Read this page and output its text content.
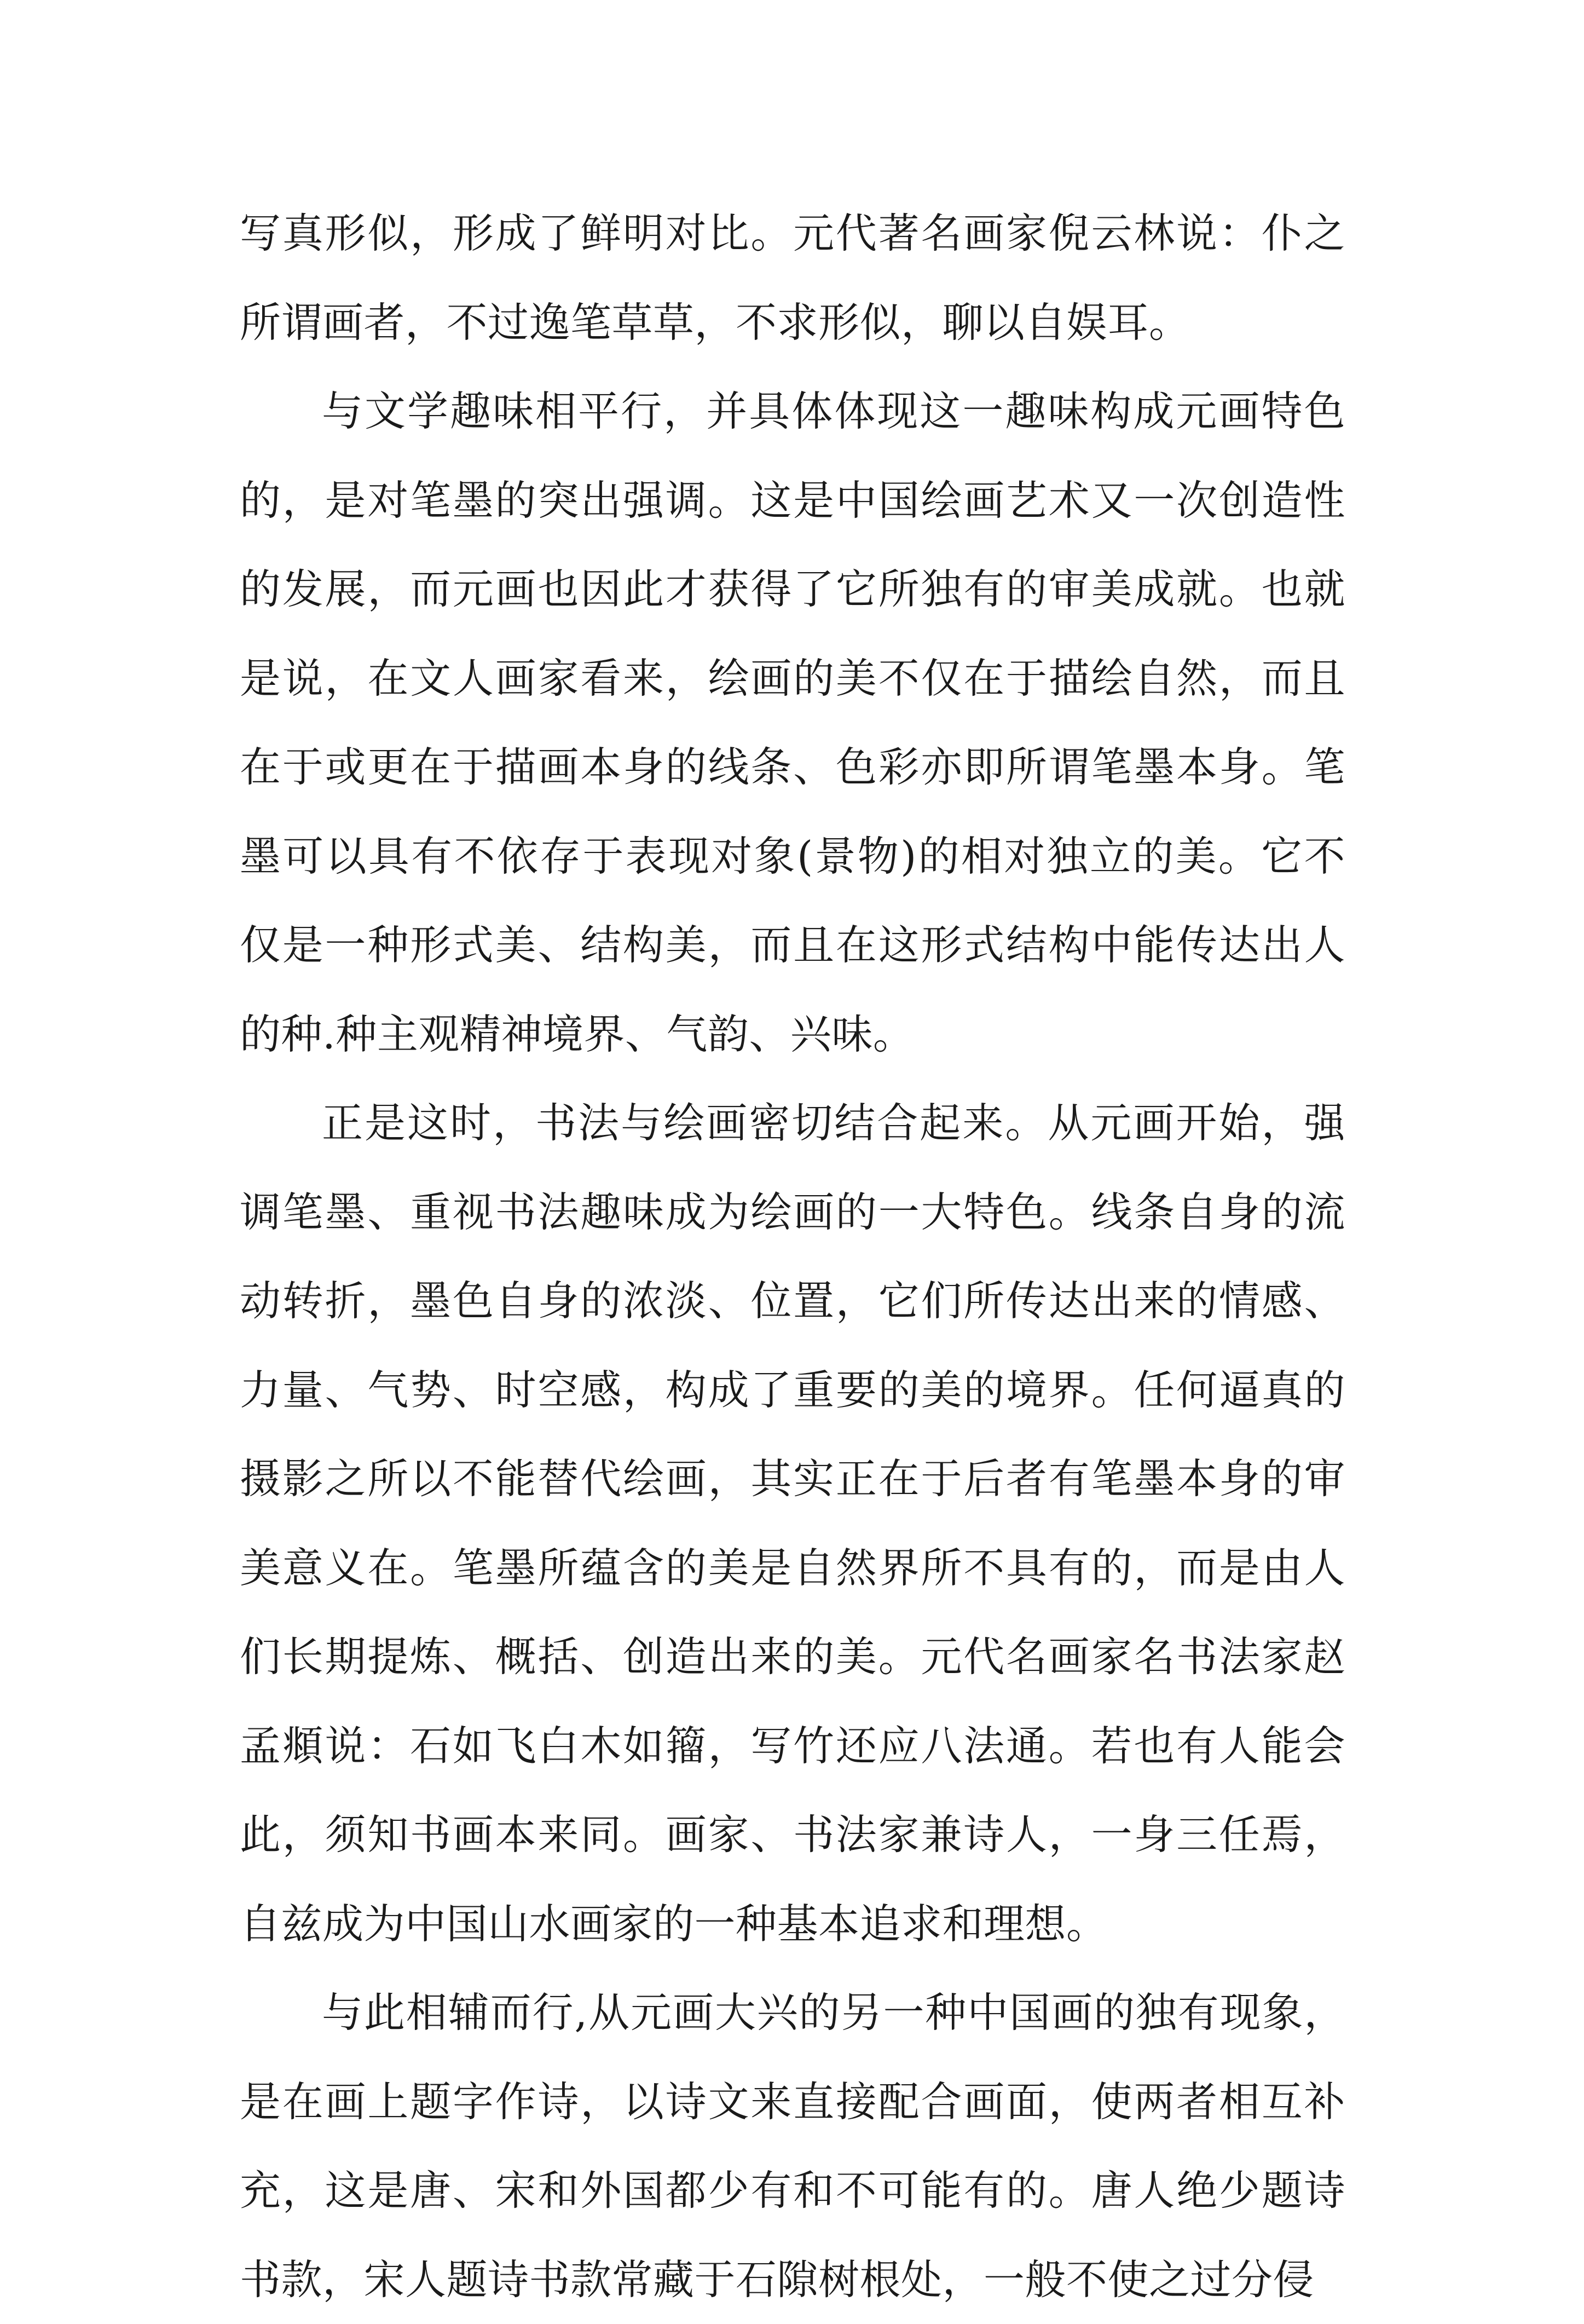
写真形似，形成了鲜明对比。元代著名画家倪云林说：仆之所谓画者，不过逸笔草草，不求形似，聊以自娱耳。

与文学趣味相平行，并具体体现这一趣味构成元画特色的，是对笔墨的突出强调。这是中国绘画艺术又一次创造性的发展，而元画也因此才获得了它所独有的审美成就。也就是说，在文人画家看来，绘画的美不仅在于描绘自然，而且在于或更在于描画本身的线条、色彩亦即所谓笔墨本身。笔墨可以具有不依存于表现对象(景物)的相对独立的美。它不仅是一种形式美、结构美，而且在这形式结构中能传达出人的种.种主观精神境界、气韵、兴味。

正是这时，书法与绘画密切结合起来。从元画开始，强调笔墨、重视书法趣味成为绘画的一大特色。线条自身的流动转折，墨色自身的浓淡、位置，它们所传达出来的情感、力量、气势、时空感，构成了重要的美的境界。任何逼真的摄影之所以不能替代绘画，其实正在于后者有笔墨本身的审美意义在。笔墨所蕴含的美是自然界所不具有的，而是由人们长期提炼、概括、创造出来的美。元代名画家名书法家赵孟頫说：石如飞白木如籀，写竹还应八法通。若也有人能会此，须知书画本来同。画家、书法家兼诗人，一身三任焉，自兹成为中国山水画家的一种基本追求和理想。

与此相辅而行,从元画大兴的另一种中国画的独有现象，是在画上题字作诗，以诗文来直接配合画面，使两者相互补充，这是唐、宋和外国都少有和不可能有的。唐人绝少题诗书款，宋人题诗书款常藏于石隙树根处，一般不使之过分侵
